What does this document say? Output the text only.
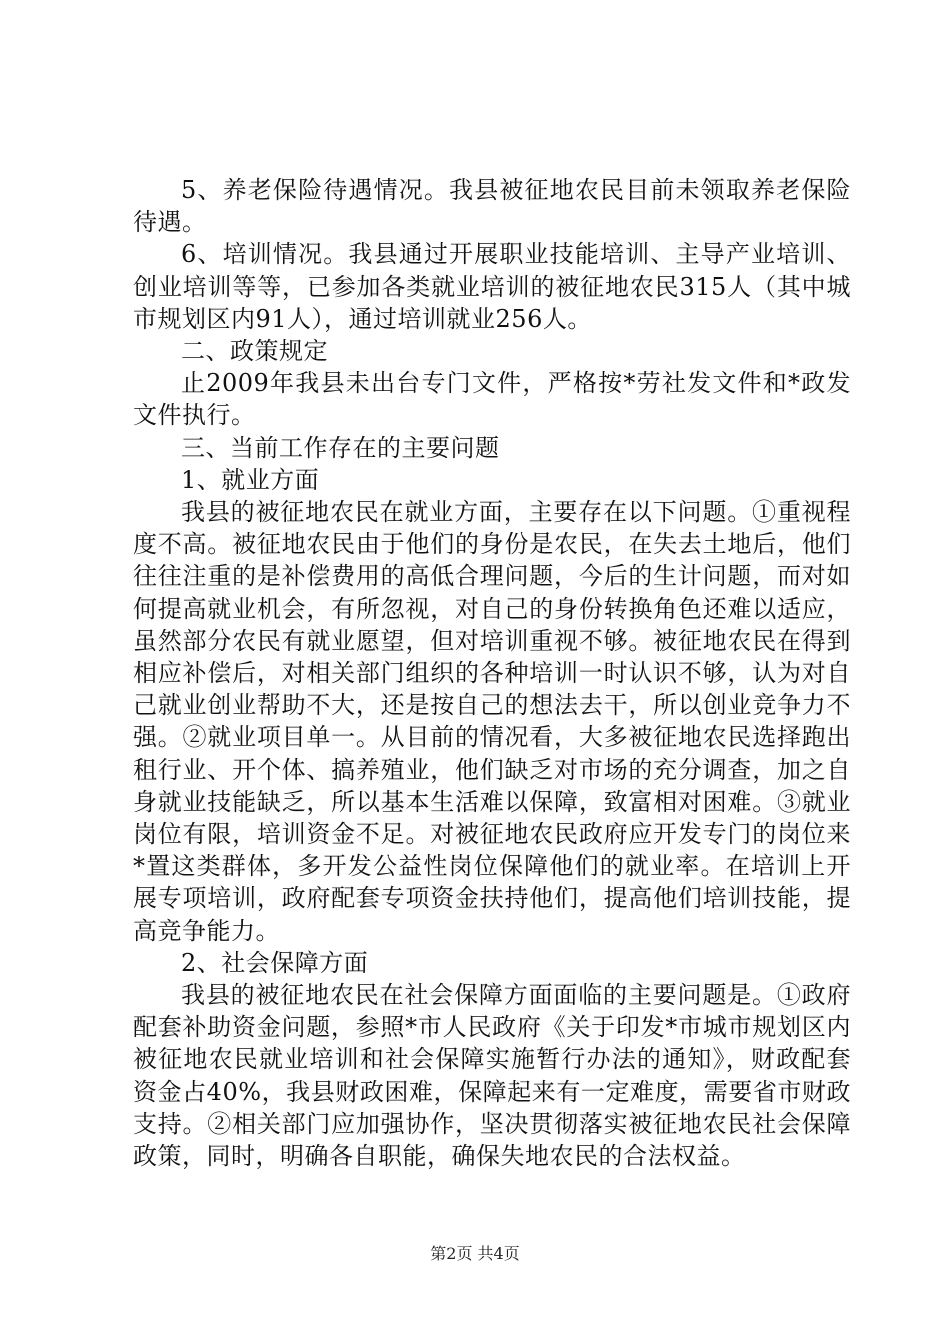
5、养老保险待遇情况。我县被征地农民目前未领取养老保险待遇。

6、培训情况。我县通过开展职业技能培训、主导产业培训、创业培训等等，已参加各类就业培训的被征地农民315人（其中城市规划区内91人），通过培训就业256人。

二、政策规定

止2009年我县未出台专门文件，严格按*劳社发文件和*政发文件执行。

三、当前工作存在的主要问题

1、就业方面

我县的被征地农民在就业方面，主要存在以下问题。①重视程度不高。被征地农民由于他们的身份是农民，在失去土地后，他们往往注重的是补偿费用的高低合理问题，今后的生计问题，而对如何提高就业机会，有所忽视，对自己的身份转换角色还难以适应，虽然部分农民有就业愿望，但对培训重视不够。被征地农民在得到相应补偿后，对相关部门组织的各种培训一时认识不够，认为对自己就业创业帮助不大，还是按自己的想法去干，所以创业竞争力不强。②就业项目单一。从目前的情况看，大多被征地农民选择跑出租行业、开个体、搞养殖业，他们缺乏对市场的充分调查，加之自身就业技能缺乏，所以基本生活难以保障，致富相对困难。③就业岗位有限，培训资金不足。对被征地农民政府应开发专门的岗位来*置这类群体，多开发公益性岗位保障他们的就业率。在培训上开展专项培训，政府配套专项资金扶持他们，提高他们培训技能，提高竞争能力。

2、社会保障方面

我县的被征地农民在社会保障方面面临的主要问题是。①政府配套补助资金问题，参照*市人民政府《关于印发*市城市规划区内被征地农民就业培训和社会保障实施暂行办法的通知》，财政配套资金占40%，我县财政困难，保障起来有一定难度，需要省市财政支持。②相关部门应加强协作，坚决贯彻落实被征地农民社会保障政策，同时，明确各自职能，确保失地农民的合法权益。

第2页 共4页
